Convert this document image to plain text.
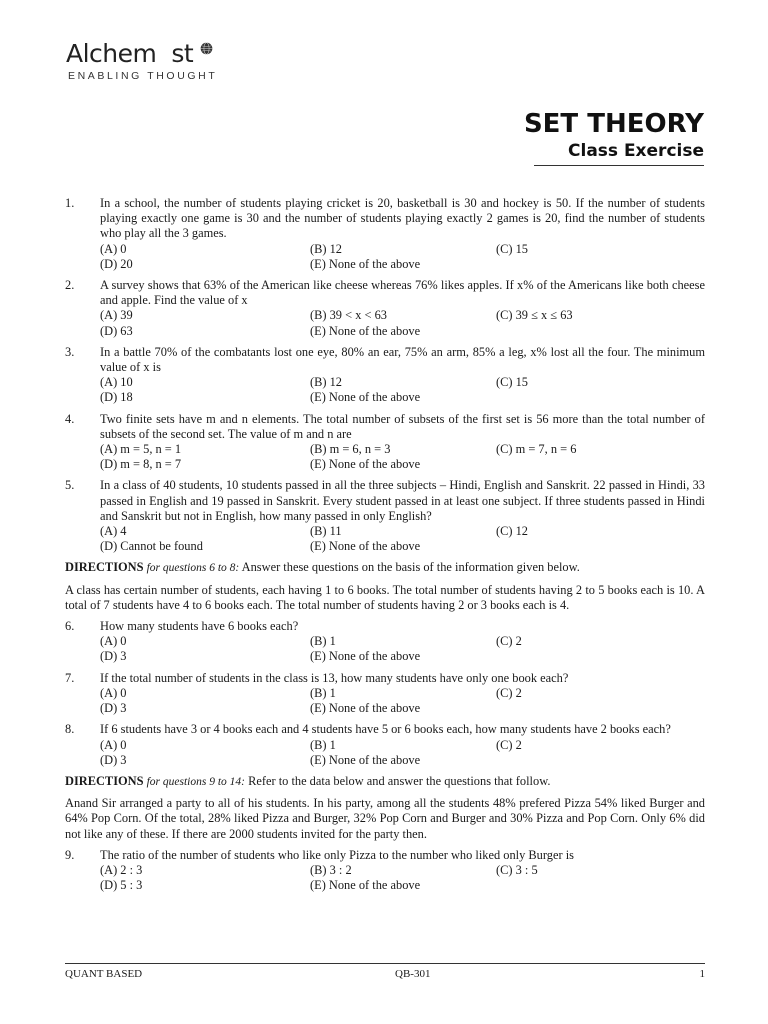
Alchem st
ENABLING THOUGHT
SET THEORY
Class Exercise
1. In a school, the number of students playing cricket is 20, basketball is 30 and hockey is 50. If the number of students playing exactly one game is 30 and the number of students playing exactly 2 games is 20, find the number of students who play all the 3 games.
(A) 0	(B) 12	(C) 15
(D) 20	(E) None of the above
2. A survey shows that 63% of the American like cheese whereas 76% likes apples. If x% of the Americans like both cheese and apple. Find the value of x
(A) 39	(B) 39 < x < 63	(C) 39 ≤ x ≤ 63
(D) 63	(E) None of the above
3. In a battle 70% of the combatants lost one eye, 80% an ear, 75% an arm, 85% a leg, x% lost all the four. The minimum value of x is
(A) 10	(B) 12	(C) 15
(D) 18	(E) None of the above
4. Two finite sets have m and n elements. The total number of subsets of the first set is 56 more than the total number of subsets of the second set. The value of m and n are
(A) m = 5, n = 1	(B) m = 6, n = 3	(C) m = 7, n = 6
(D) m = 8, n = 7	(E) None of the above
5. In a class of 40 students, 10 students passed in all the three subjects – Hindi, English and Sanskrit. 22 passed in Hindi, 33 passed in English and 19 passed in Sanskrit. Every student passed in at least one subject. If three students passed in Hindi and Sanskrit but not in English, how many passed in only English?
(A) 4	(B) 11	(C) 12
(D) Cannot be found	(E) None of the above
DIRECTIONS for questions 6 to 8: Answer these questions on the basis of the information given below.
A class has certain number of students, each having 1 to 6 books. The total number of students having 2 to 5 books each is 10. A total of 7 students have 4 to 6 books each. The total number of students having 2 or 3 books each is 4.
6. How many students have 6 books each?
(A) 0	(B) 1	(C) 2
(D) 3	(E) None of the above
7. If the total number of students in the class is 13, how many students have only one book each?
(A) 0	(B) 1	(C) 2
(D) 3	(E) None of the above
8. If 6 students have 3 or 4 books each and 4 students have 5 or 6 books each, how many students have 2 books each?
(A) 0	(B) 1	(C) 2
(D) 3	(E) None of the above
DIRECTIONS for questions 9 to 14: Refer to the data below and answer the questions that follow.
Anand Sir arranged a party to all of his students. In his party, among all the students 48% prefered Pizza 54% liked Burger and 64% Pop Corn. Of the total, 28% liked Pizza and Burger, 32% Pop Corn and Burger and 30% Pizza and Pop Corn. Only 6% did not like any of these. If there are 2000 students invited for the party then.
9. The ratio of the number of students who like only Pizza to the number who liked only Burger is
(A) 2 : 3	(B) 3 : 2	(C) 3 : 5
(D) 5 : 3	(E) None of the above
QUANT BASED	QB-301	1
